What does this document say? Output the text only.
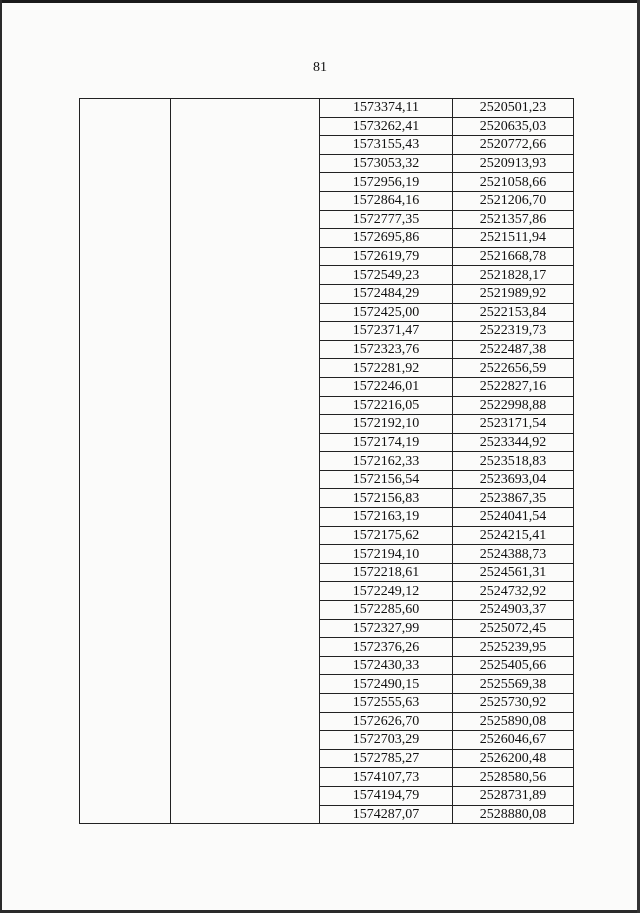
81
		1573374,11	2520501,23
		1573262,41	2520635,03
		1573155,43	2520772,66
		1573053,32	2520913,93
		1572956,19	2521058,66
		1572864,16	2521206,70
		1572777,35	2521357,86
		1572695,86	2521511,94
		1572619,79	2521668,78
		1572549,23	2521828,17
		1572484,29	2521989,92
		1572425,00	2522153,84
		1572371,47	2522319,73
		1572323,76	2522487,38
		1572281,92	2522656,59
		1572246,01	2522827,16
		1572216,05	2522998,88
		1572192,10	2523171,54
		1572174,19	2523344,92
		1572162,33	2523518,83
		1572156,54	2523693,04
		1572156,83	2523867,35
		1572163,19	2524041,54
		1572175,62	2524215,41
		1572194,10	2524388,73
		1572218,61	2524561,31
		1572249,12	2524732,92
		1572285,60	2524903,37
		1572327,99	2525072,45
		1572376,26	2525239,95
		1572430,33	2525405,66
		1572490,15	2525569,38
		1572555,63	2525730,92
		1572626,70	2525890,08
		1572703,29	2526046,67
		1572785,27	2526200,48
		1574107,73	2528580,56
		1574194,79	2528731,89
		1574287,07	2528880,08
